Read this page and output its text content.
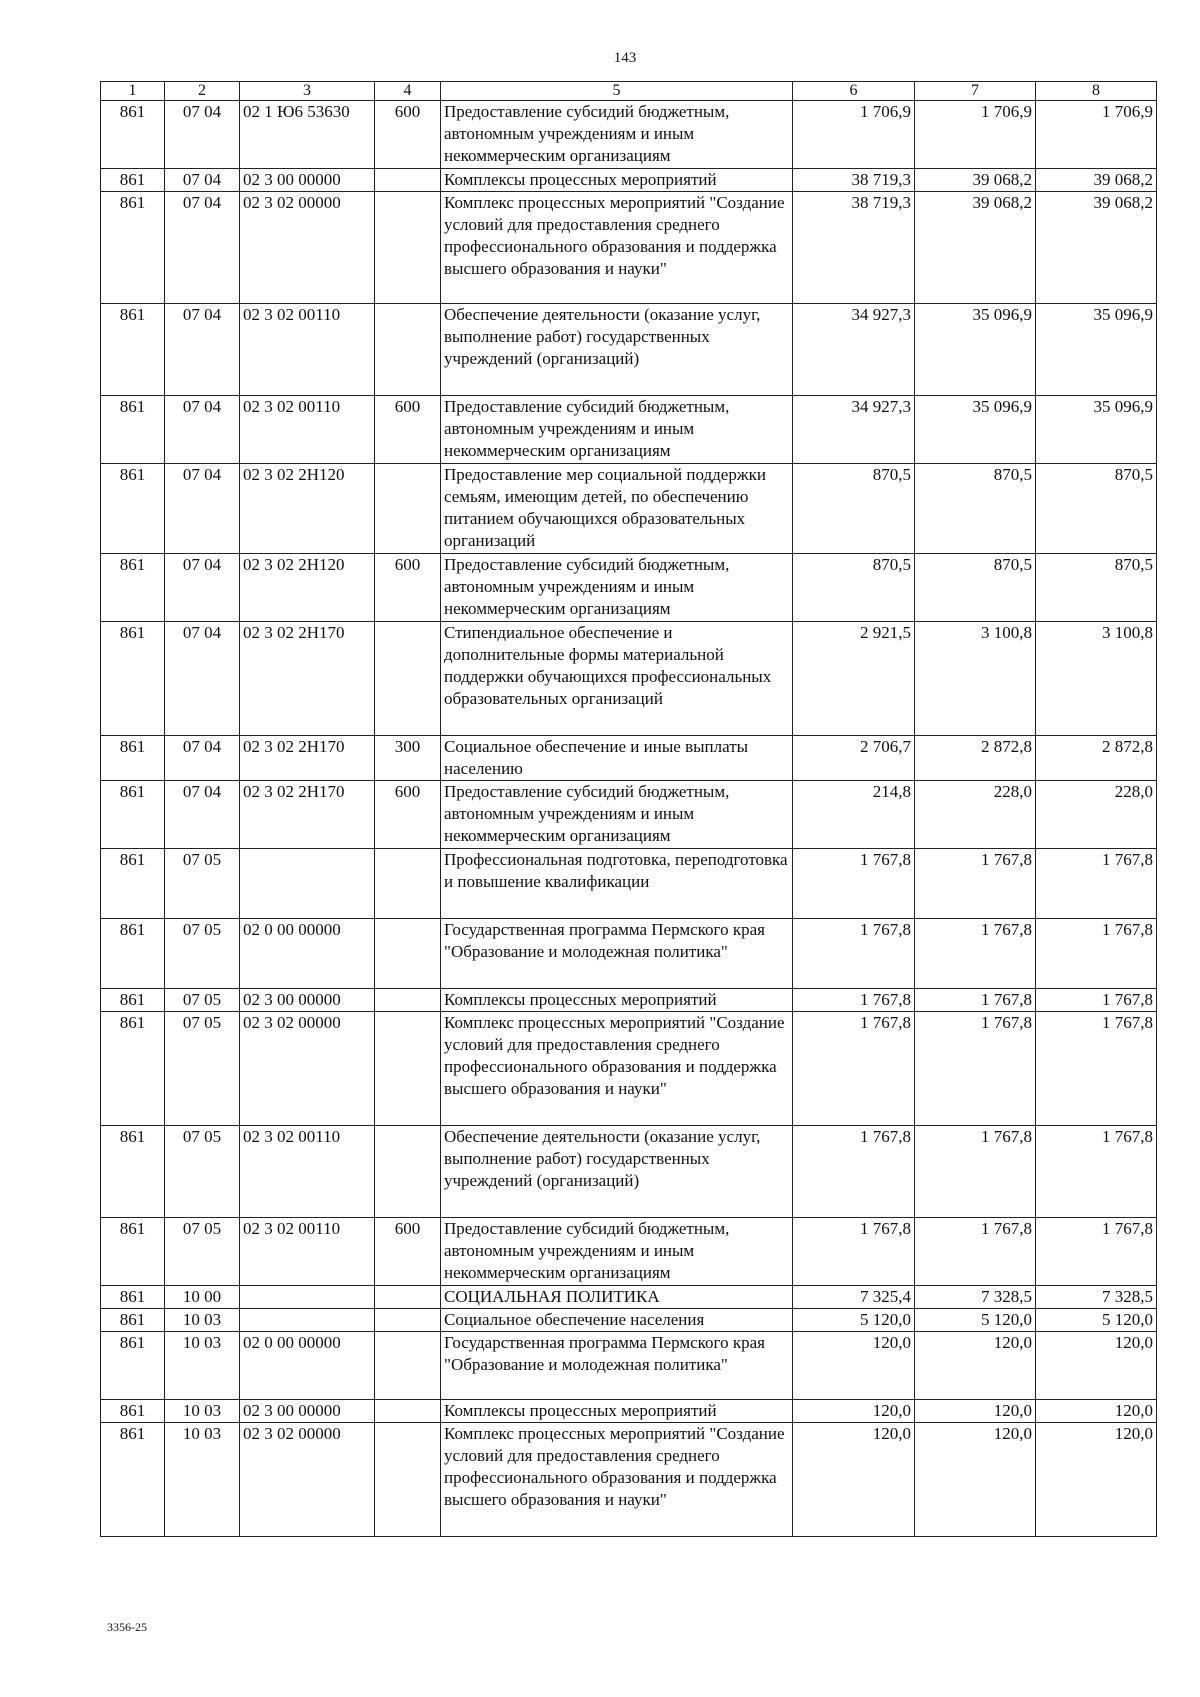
143
1	2	3	4	5	6	7	8
861	07 04	02 1 Ю6 53630	600	Предоставление субсидий бюджетным, автономным учреждениям и иным некоммерческим организациям	1 706,9	1 706,9	1 706,9
861	07 04	02 3 00 00000		Комплексы процессных мероприятий	38 719,3	39 068,2	39 068,2
861	07 04	02 3 02 00000		Комплекс процессных мероприятий "Создание условий для предоставления среднего профессионального образования и поддержка высшего образования и науки"	38 719,3	39 068,2	39 068,2
861	07 04	02 3 02 00110		Обеспечение деятельности (оказание услуг, выполнение работ) государственных учреждений (организаций)	34 927,3	35 096,9	35 096,9
861	07 04	02 3 02 00110	600	Предоставление субсидий бюджетным, автономным учреждениям и иным некоммерческим организациям	34 927,3	35 096,9	35 096,9
861	07 04	02 3 02 2Н120		Предоставление мер социальной поддержки семьям, имеющим детей, по обеспечению питанием обучающихся образовательных организаций	870,5	870,5	870,5
861	07 04	02 3 02 2Н120	600	Предоставление субсидий бюджетным, автономным учреждениям и иным некоммерческим организациям	870,5	870,5	870,5
861	07 04	02 3 02 2Н170		Стипендиальное обеспечение и дополнительные формы материальной поддержки обучающихся профессиональных образовательных организаций	2 921,5	3 100,8	3 100,8
861	07 04	02 3 02 2Н170	300	Социальное обеспечение и иные выплаты населению	2 706,7	2 872,8	2 872,8
861	07 04	02 3 02 2Н170	600	Предоставление субсидий бюджетным, автономным учреждениям и иным некоммерческим организациям	214,8	228,0	228,0
861	07 05			Профессиональная подготовка, переподготовка и повышение квалификации	1 767,8	1 767,8	1 767,8
861	07 05	02 0 00 00000		Государственная программа Пермского края "Образование и молодежная политика"	1 767,8	1 767,8	1 767,8
861	07 05	02 3 00 00000		Комплексы процессных мероприятий	1 767,8	1 767,8	1 767,8
861	07 05	02 3 02 00000		Комплекс процессных мероприятий "Создание условий для предоставления среднего профессионального образования и поддержка высшего образования и науки"	1 767,8	1 767,8	1 767,8
861	07 05	02 3 02 00110		Обеспечение деятельности (оказание услуг, выполнение работ) государственных учреждений (организаций)	1 767,8	1 767,8	1 767,8
861	07 05	02 3 02 00110	600	Предоставление субсидий бюджетным, автономным учреждениям и иным некоммерческим организациям	1 767,8	1 767,8	1 767,8
861	10 00			СОЦИАЛЬНАЯ ПОЛИТИКА	7 325,4	7 328,5	7 328,5
861	10 03			Социальное обеспечение населения	5 120,0	5 120,0	5 120,0
861	10 03	02 0 00 00000		Государственная программа Пермского края "Образование и молодежная политика"	120,0	120,0	120,0
861	10 03	02 3 00 00000		Комплексы процессных мероприятий	120,0	120,0	120,0
861	10 03	02 3 02 00000		Комплекс процессных мероприятий "Создание условий для предоставления среднего профессионального образования и поддержка высшего образования и науки"	120,0	120,0	120,0
3356-25
